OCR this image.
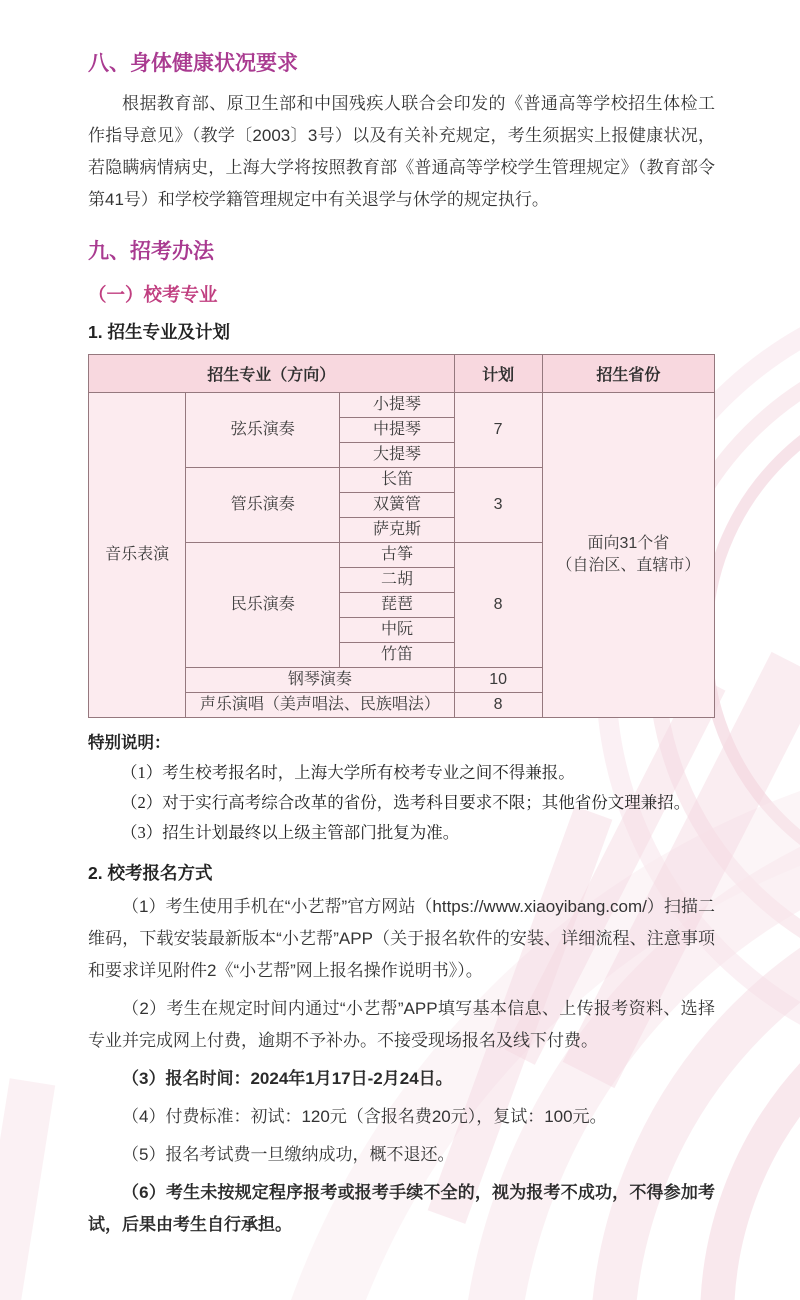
八、身体健康状况要求

根据教育部、原卫生部和中国残疾人联合会印发的《普通高等学校招生体检工作指导意见》（教学〔2003〕3号）以及有关补充规定，考生须据实上报健康状况，若隐瞒病情病史，上海大学将按照教育部《普通高等学校学生管理规定》（教育部令第41号）和学校学籍管理规定中有关退学与休学的规定执行。

九、招考办法
（一）校考专业
1. 招生专业及计划
招生专业（方向）			计划	招生省份
音乐表演	弦乐演奏	小提琴	7	面向31个省
（自治区、直辖市）

		中提琴		
		大提琴		
	管乐演奏	长笛	3	
		双簧管		
		萨克斯		
	民乐演奏	古筝	8	
		二胡		
		琵琶		
		中阮		
		竹笛		
	钢琴演奏		10	
	声乐演唱（美声唱法、民族唱法）		8	

特别说明：

（1）考生校考报名时，上海大学所有校考专业之间不得兼报。

（2）对于实行高考综合改革的省份，选考科目要求不限；其他省份文理兼招。

（3）招生计划最终以上级主管部门批复为准。

2. 校考报名方式

（1）考生使用手机在“小艺帮”官方网站（https://www.xiaoyibang.com/）扫描二维码，下载安装最新版本“小艺帮”APP（关于报名软件的安装、详细流程、注意事项和要求详见附件2《“小艺帮”网上报名操作说明书》）。

（2）考生在规定时间内通过“小艺帮”APP填写基本信息、上传报考资料、选择专业并完成网上付费，逾期不予补办。不接受现场报名及线下付费。

（3）报名时间：2024年1月17日-2月24日。

（4）付费标准：初试：120元（含报名费20元），复试：100元。

（5）报名考试费一旦缴纳成功，概不退还。

（6）考生未按规定程序报考或报考手续不全的，视为报考不成功，不得参加考试，后果由考生自行承担。
